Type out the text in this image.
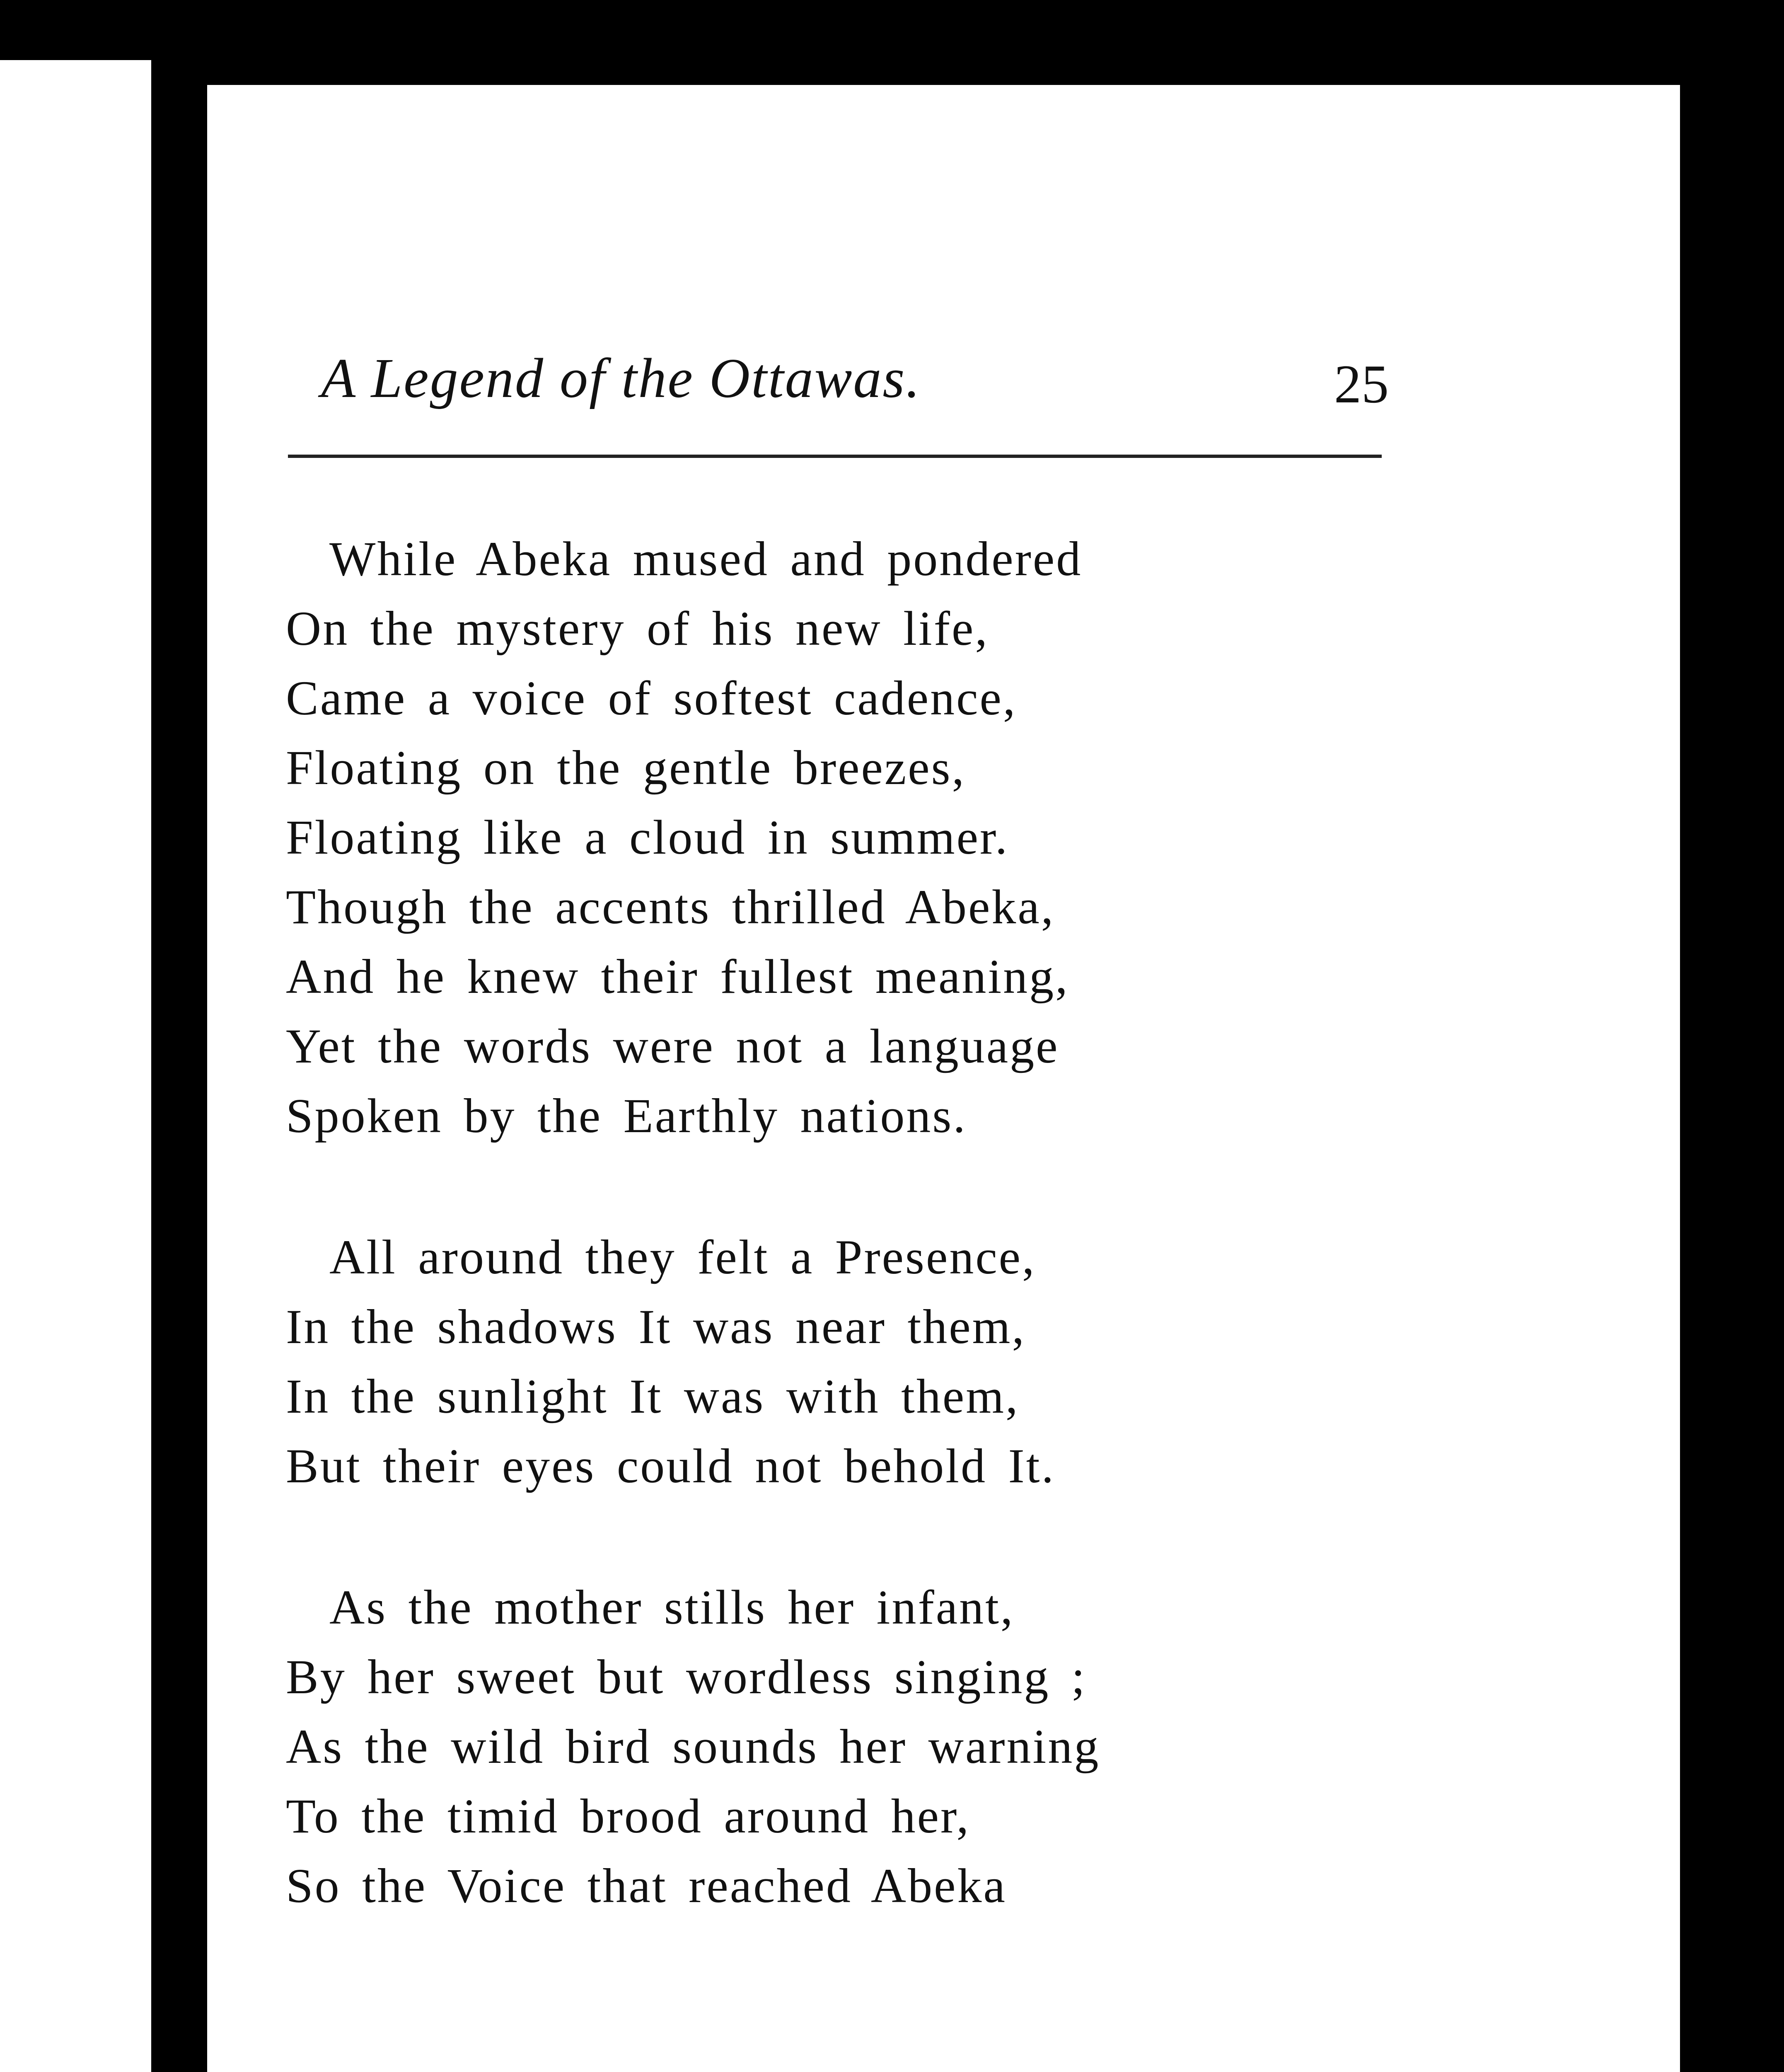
A Legend of the Ottawas.	25
While Abeka mused and pondered
On the mystery of his new life,
Came a voice of softest cadence,
Floating on the gentle breezes,
Floating like a cloud in summer.
Though the accents thrilled Abeka,
And he knew their fullest meaning,
Yet the words were not a language
Spoken by the Earthly nations.
All around they felt a Presence,
In the shadows It was near them,
In the sunlight It was with them,
But their eyes could not behold It.
As the mother stills her infant,
By her sweet but wordless singing ;
As the wild bird sounds her warning
To the timid brood around her,
So the Voice that reached Abeka
